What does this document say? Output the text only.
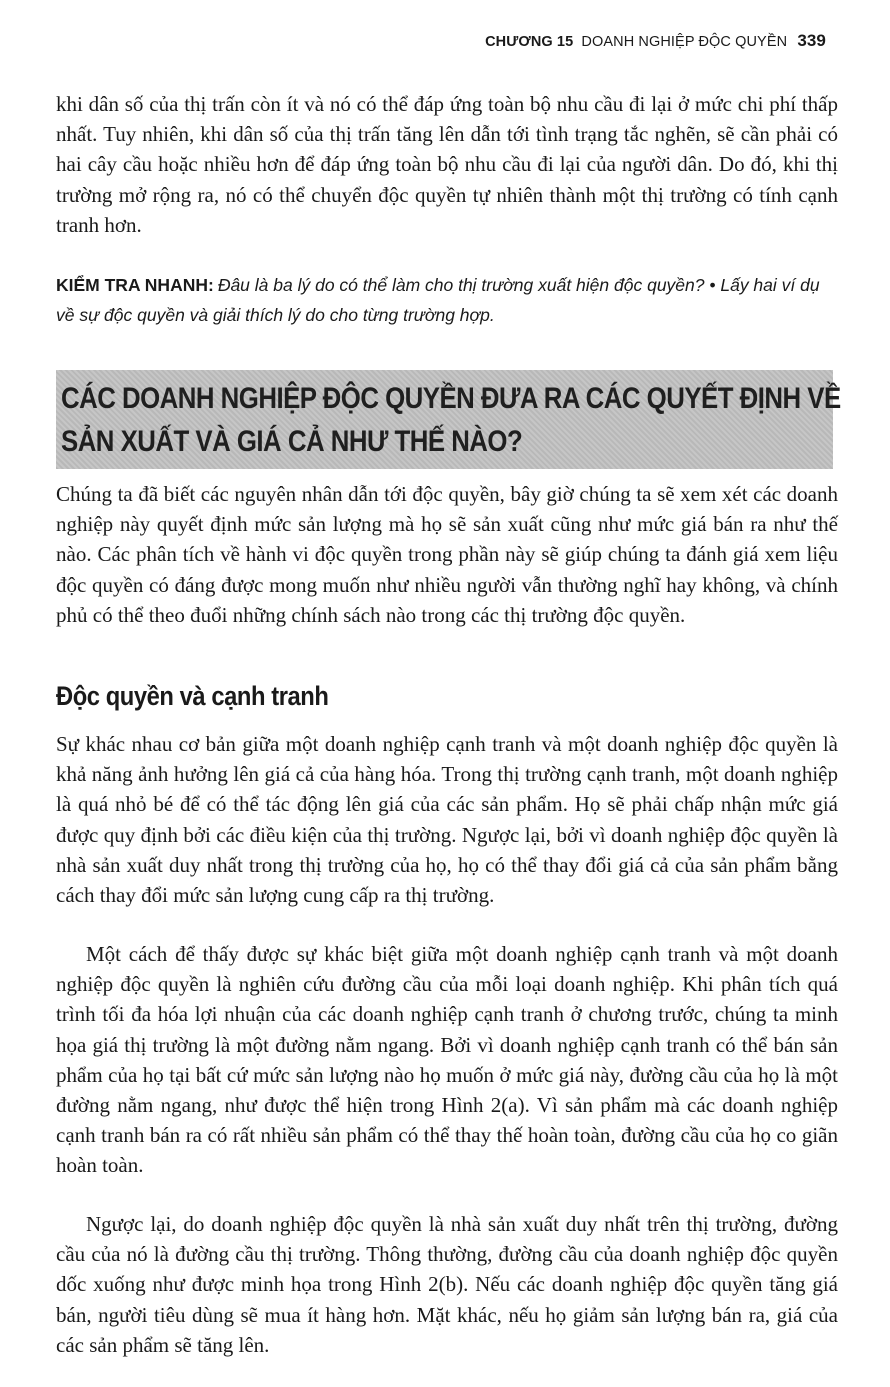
CHƯƠNG 15 DOANH NGHIỆP ĐỘC QUYỀN 339

khi dân số của thị trấn còn ít và nó có thể đáp ứng toàn bộ nhu cầu đi lại ở mức chi phí thấp nhất. Tuy nhiên, khi dân số của thị trấn tăng lên dẫn tới tình trạng tắc nghẽn, sẽ cần phải có hai cây cầu hoặc nhiều hơn để đáp ứng toàn bộ nhu cầu đi lại của người dân. Do đó, khi thị trường mở rộng ra, nó có thể chuyển độc quyền tự nhiên thành một thị trường có tính cạnh tranh hơn.

KIỂM TRA NHANH: Đâu là ba lý do có thể làm cho thị trường xuất hiện độc quyền? • Lấy hai ví dụ về sự độc quyền và giải thích lý do cho từng trường hợp.

CÁC DOANH NGHIỆP ĐỘC QUYỀN ĐƯA RA CÁC QUYẾT ĐỊNH VỀ
SẢN XUẤT VÀ GIÁ CẢ NHƯ THẾ NÀO?

Chúng ta đã biết các nguyên nhân dẫn tới độc quyền, bây giờ chúng ta sẽ xem xét các doanh nghiệp này quyết định mức sản lượng mà họ sẽ sản xuất cũng như mức giá bán ra như thế nào. Các phân tích về hành vi độc quyền trong phần này sẽ giúp chúng ta đánh giá xem liệu độc quyền có đáng được mong muốn như nhiều người vẫn thường nghĩ hay không, và chính phủ có thể theo đuổi những chính sách nào trong các thị trường độc quyền.

Độc quyền và cạnh tranh

Sự khác nhau cơ bản giữa một doanh nghiệp cạnh tranh và một doanh nghiệp độc quyền là khả năng ảnh hưởng lên giá cả của hàng hóa. Trong thị trường cạnh tranh, một doanh nghiệp là quá nhỏ bé để có thể tác động lên giá của các sản phẩm. Họ sẽ phải chấp nhận mức giá được quy định bởi các điều kiện của thị trường. Ngược lại, bởi vì doanh nghiệp độc quyền là nhà sản xuất duy nhất trong thị trường của họ, họ có thể thay đổi giá cả của sản phẩm bằng cách thay đổi mức sản lượng cung cấp ra thị trường.

Một cách để thấy được sự khác biệt giữa một doanh nghiệp cạnh tranh và một doanh nghiệp độc quyền là nghiên cứu đường cầu của mỗi loại doanh nghiệp. Khi phân tích quá trình tối đa hóa lợi nhuận của các doanh nghiệp cạnh tranh ở chương trước, chúng ta minh họa giá thị trường là một đường nằm ngang. Bởi vì doanh nghiệp cạnh tranh có thể bán sản phẩm của họ tại bất cứ mức sản lượng nào họ muốn ở mức giá này, đường cầu của họ là một đường nằm ngang, như được thể hiện trong Hình 2(a). Vì sản phẩm mà các doanh nghiệp cạnh tranh bán ra có rất nhiều sản phẩm có thể thay thế hoàn toàn, đường cầu của họ co giãn hoàn toàn.

Ngược lại, do doanh nghiệp độc quyền là nhà sản xuất duy nhất trên thị trường, đường cầu của nó là đường cầu thị trường. Thông thường, đường cầu của doanh nghiệp độc quyền dốc xuống như được minh họa trong Hình 2(b). Nếu các doanh nghiệp độc quyền tăng giá bán, người tiêu dùng sẽ mua ít hàng hơn. Mặt khác, nếu họ giảm sản lượng bán ra, giá của các sản phẩm sẽ tăng lên.
